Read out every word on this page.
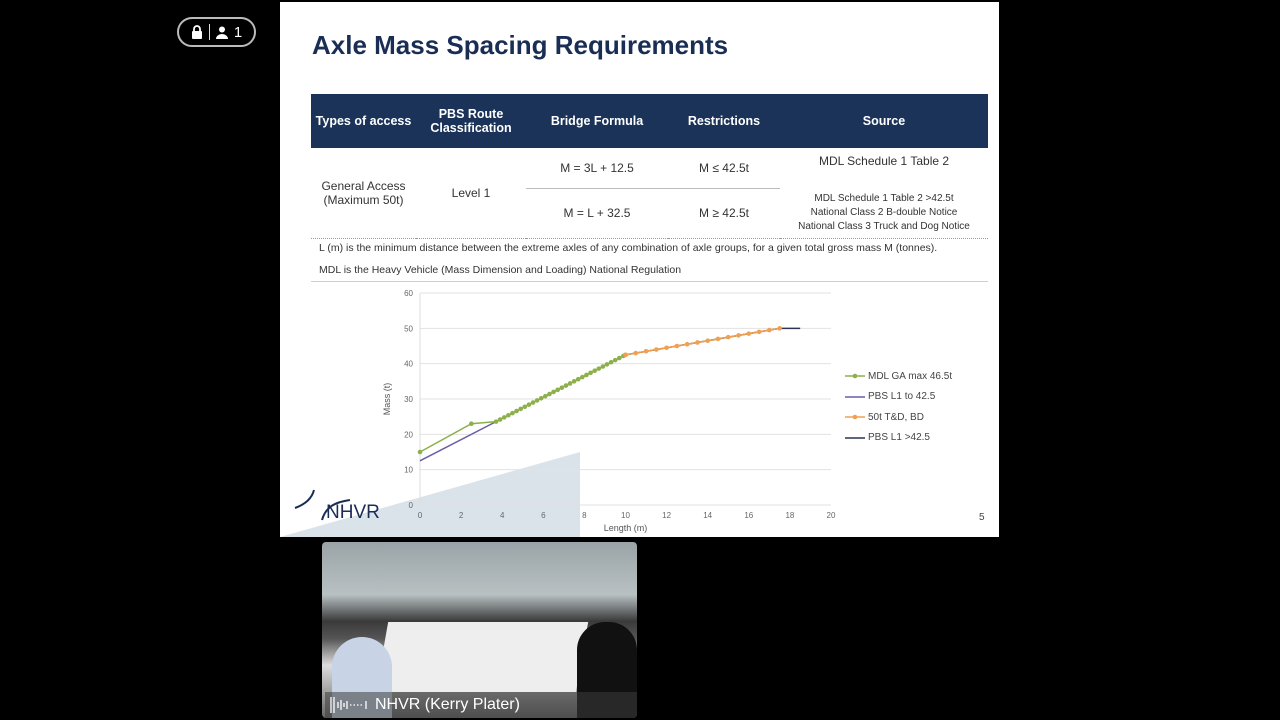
1	Axle Mass Spacing Requirements
Types of access	PBS Route Classification	Bridge Formula	Restrictions	Source
General Access (Maximum 50t)	Level 1	M = 3L + 12.5	M ≤ 42.5t	MDL Schedule 1 Table 2
		M = L + 32.5	M ≥ 42.5t	MDL Schedule 1 Table 2 >42.5t
National Class 2 B-double Notice
National Class 3 Truck and Dog Notice
L (m) is the minimum distance between the extreme axles of any combination of axle groups, for a given total gross mass M (tonnes).
MDL is the Heavy Vehicle (Mass Dimension and Loading) National Regulation
0
10
20
30
40
50
60
0	2	4	6	8	10	12	14	16	18	20
Length (m)
Mass (t)
MDL GA max 46.5t
PBS L1 to 42.5
50t T&D, BD
PBS L1 >42.5
NHVR	5
NHVR (Kerry Plater)
